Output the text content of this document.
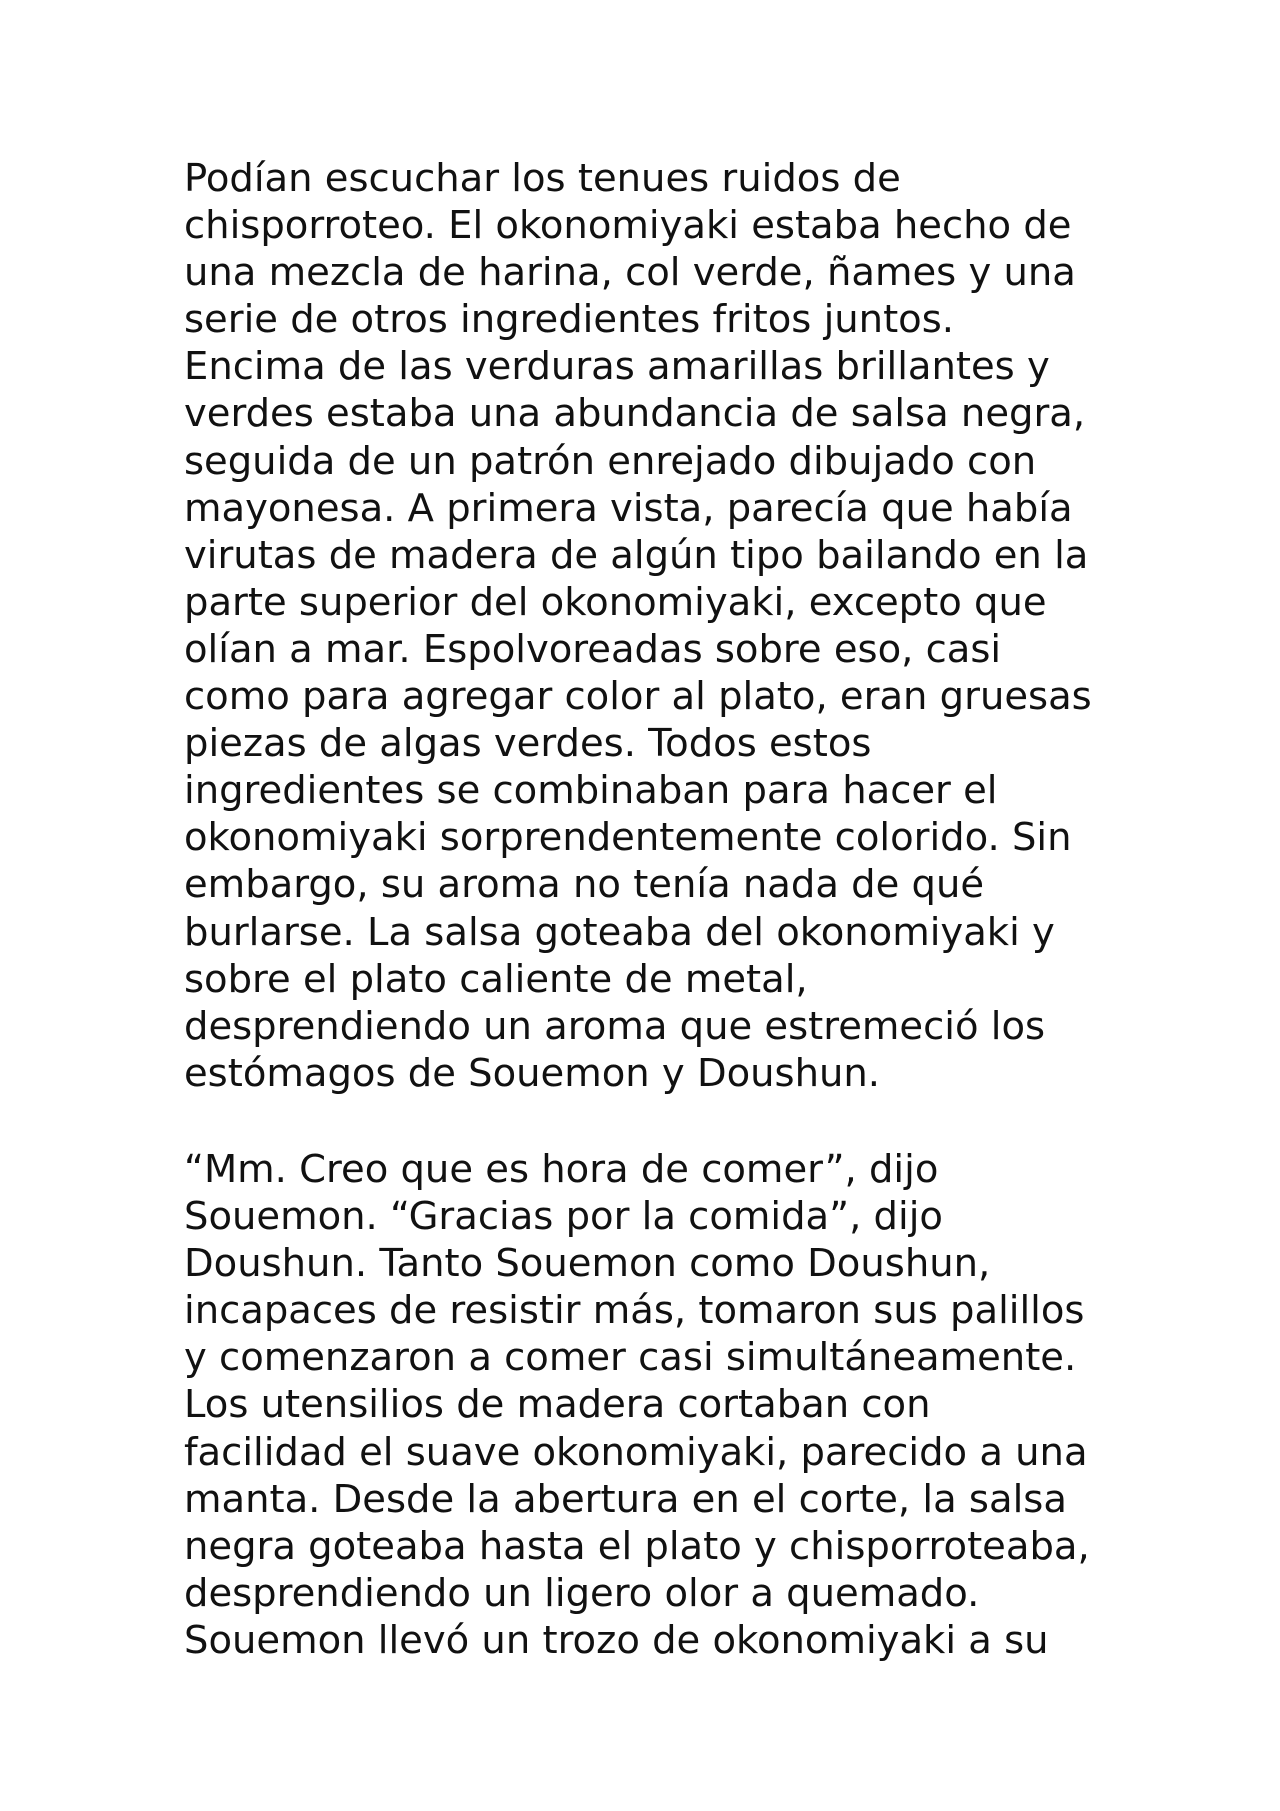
Podían escuchar los tenues ruidos de
chisporroteo. El okonomiyaki estaba hecho de
una mezcla de harina, col verde, ñames y una
serie de otros ingredientes fritos juntos.
Encima de las verduras amarillas brillantes y
verdes estaba una abundancia de salsa negra,
seguida de un patrón enrejado dibujado con
mayonesa. A primera vista, parecía que había
virutas de madera de algún tipo bailando en la
parte superior del okonomiyaki, excepto que
olían a mar. Espolvoreadas sobre eso, casi
como para agregar color al plato, eran gruesas
piezas de algas verdes. Todos estos
ingredientes se combinaban para hacer el
okonomiyaki sorprendentemente colorido. Sin
embargo, su aroma no tenía nada de qué
burlarse. La salsa goteaba del okonomiyaki y
sobre el plato caliente de metal,
desprendiendo un aroma que estremeció los
estómagos de Souemon y Doushun.
“Mm. Creo que es hora de comer”, dijo
Souemon. “Gracias por la comida”, dijo
Doushun. Tanto Souemon como Doushun,
incapaces de resistir más, tomaron sus palillos
y comenzaron a comer casi simultáneamente.
Los utensilios de madera cortaban con
facilidad el suave okonomiyaki, parecido a una
manta. Desde la abertura en el corte, la salsa
negra goteaba hasta el plato y chisporroteaba,
desprendiendo un ligero olor a quemado.
Souemon llevó un trozo de okonomiyaki a su
